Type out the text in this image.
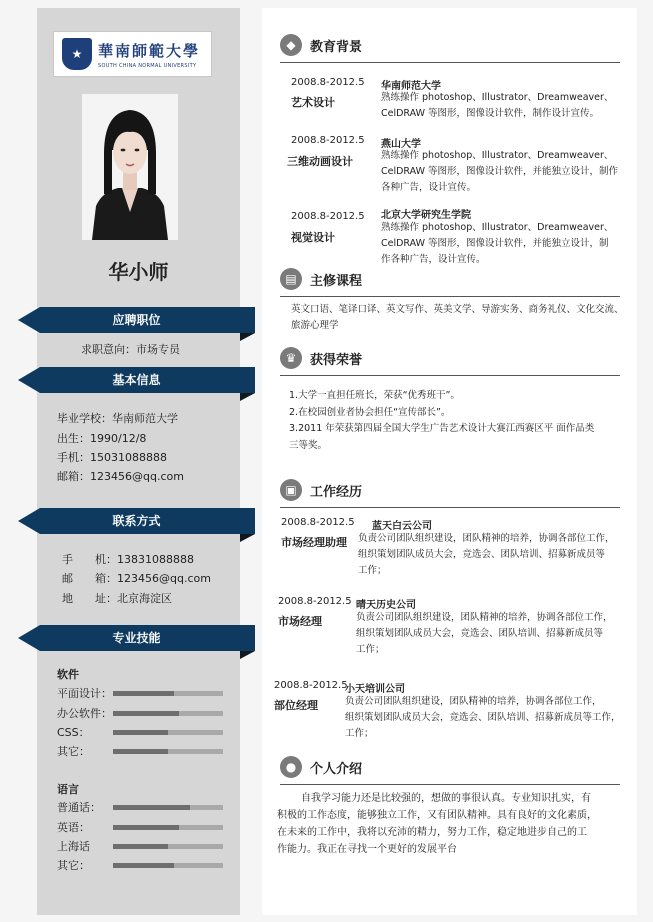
★	華南師範大學
SOUTH CHINA NORMAL UNIVERSITY
华小师
应聘职位
求职意向：市场专员
基本信息
毕业学校：华南师范大学
出生：1990/12/8
手机：15031088888
邮箱：123456@qq.com
联系方式
手　　机：13831088888
邮　　箱：123456@qq.com
地　　址：北京海淀区
专业技能
软件
平面设计：
办公软件：
CSS：
其它：
语言
普通话：
英语：
上海话
其它：
◆	教育背景
2008.8-2012.5
艺术设计
华南师范大学
熟练操作 photoshop、Illustrator、Dreamweaver、
CelDRAW 等图形，图像设计软件，制作设计宣传。
2008.8-2012.5
三维动画设计
燕山大学
熟练操作 photoshop、Illustrator、Dreamweaver、
CelDRAW 等图形，图像设计软件，并能独立设计，制作
各种广告，设计宣传。
2008.8-2012.5
视觉设计
北京大学研究生学院
熟练操作 photoshop、Illustrator、Dreamweaver、
CelDRAW 等图形，图像设计软件，并能独立设计，制
作各种广告，设计宣传。
▤	主修课程
英文口语、笔译口译、英文写作、英美文学、导游实务、商务礼仪、文化交流、
旅游心理学
♛	获得荣誉
1.大学一直担任班长，荣获“优秀班干”。
2.在校园创业者协会担任“宣传部长”。
3.2011 年荣获第四届全国大学生广告艺术设计大赛江西赛区平 面作品类
三等奖。
▣	工作经历
2008.8-2012.5
市场经理助理
蓝天白云公司
负责公司团队组织建设，团队精神的培养，协调各部位工作，
组织策划团队成员大会，竞选会、团队培训、招募新成员等
工作；
2008.8-2012.5
市场经理
晴天历史公司
负责公司团队组织建设，团队精神的培养，协调各部位工作，
组织策划团队成员大会，竞选会、团队培训、招募新成员等
工作；
2008.8-2012.5
部位经理
小天培训公司
负责公司团队组织建设，团队精神的培养，协调各部位工作，
组织策划团队成员大会，竞选会、团队培训、招募新成员等工作，
工作；
●	个人介绍
自我学习能力还是比较强的，想做的事很认真。专业知识扎实，有
积极的工作态度，能够独立工作，又有团队精神。具有良好的文化素质，
在未来的工作中，我将以充沛的精力，努力工作，稳定地进步自己的工
作能力。我正在寻找一个更好的发展平台
